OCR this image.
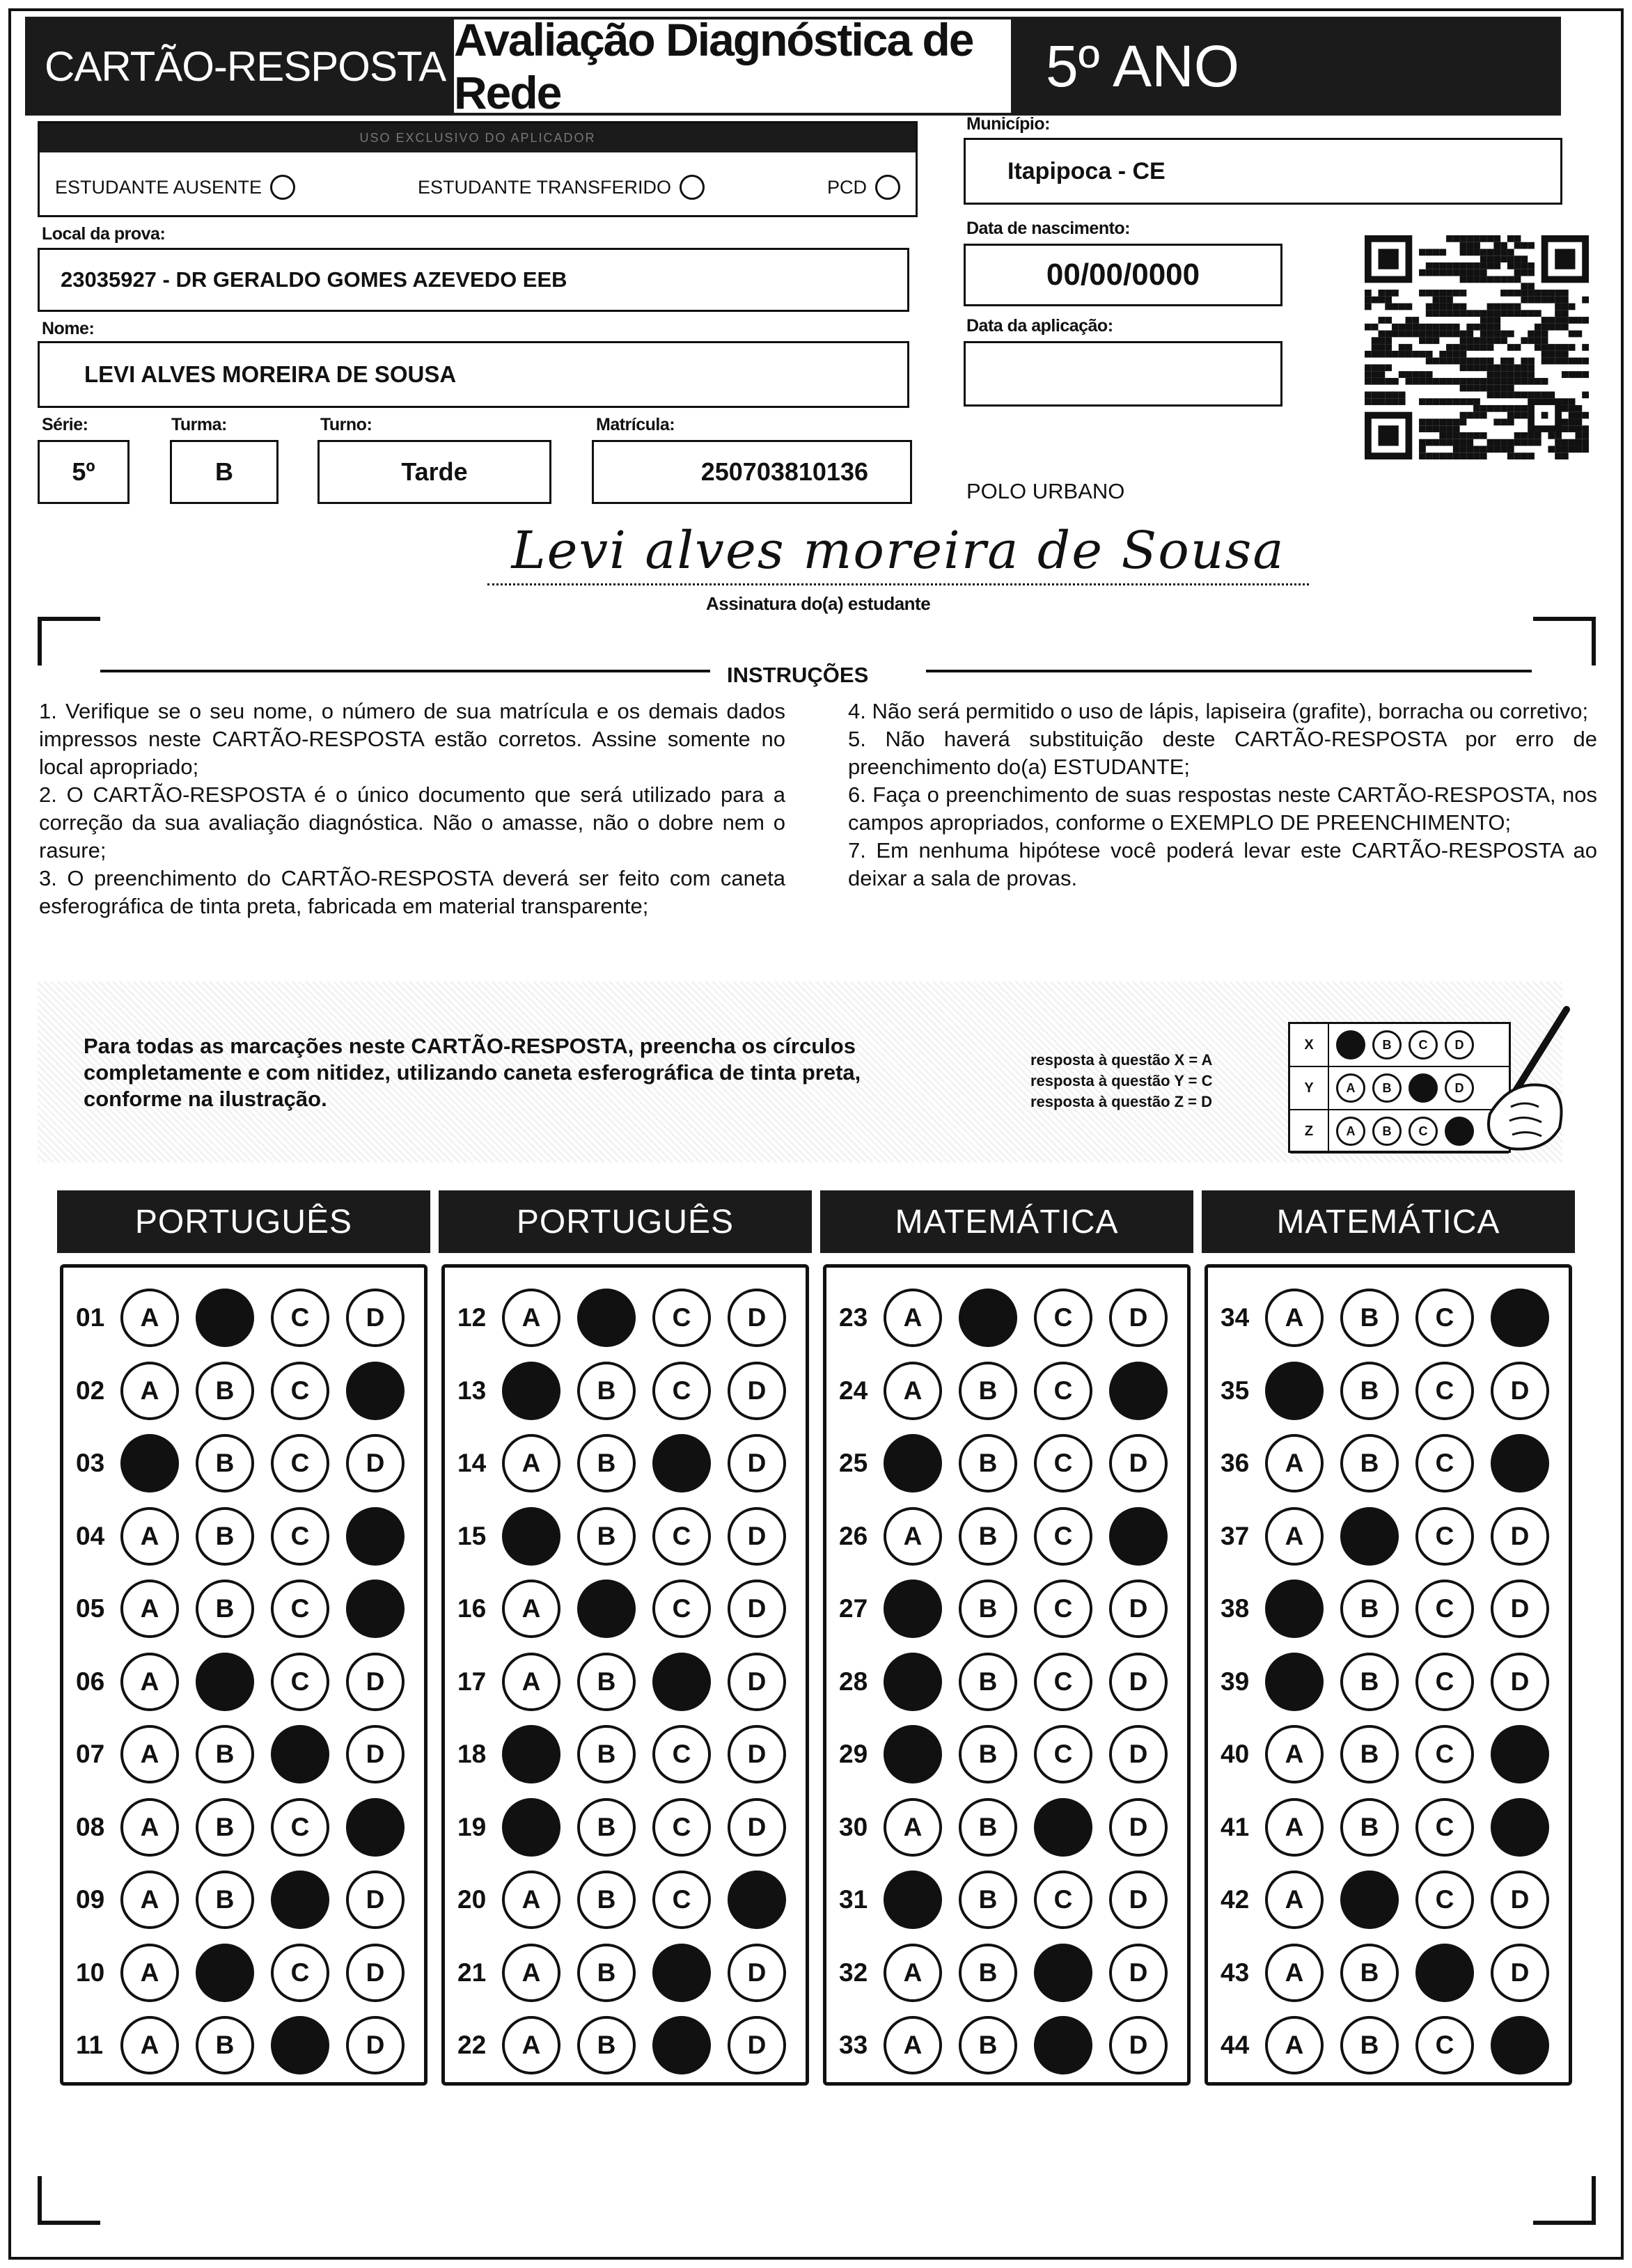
CARTÃO-RESPOSTA
Avaliação Diagnóstica de Rede	5º ANO
USO EXCLUSIVO DO APLICADOR
ESTUDANTE AUSENTE	ESTUDANTE TRANSFERIDO	PCD
Município:
Itapipoca - CE
Local da prova:
23035927 - DR GERALDO GOMES AZEVEDO EEB
Data de nascimento:
00/00/0000
Nome:
LEVI ALVES MOREIRA DE SOUSA
Data da aplicação:
Série:
5º
Turma:
B
Turno:
Tarde
Matrícula:
250703810136
POLO URBANO
Levi alves moreira de Sousa
Assinatura do(a) estudante
INSTRUÇÕES

1. Verifique se o seu nome, o número de sua matrícula e os demais dados impressos neste CARTÃO-RESPOSTA estão corretos. Assine somente no local apropriado;

2. O CARTÃO-RESPOSTA é o único documento que será utilizado para a correção da sua avaliação diagnóstica. Não o amasse, não o dobre nem o rasure;

3. O preenchimento do CARTÃO-RESPOSTA deverá ser feito com caneta esferográfica de tinta preta, fabricada em material transparente;

4. Não será permitido o uso de lápis, lapiseira (grafite), borracha ou corretivo;

5. Não haverá substituição deste CARTÃO-RESPOSTA por erro de preenchimento do(a) ESTUDANTE;

6. Faça o preenchimento de suas respostas neste CARTÃO-RESPOSTA, nos campos apropriados, conforme o EXEMPLO DE PREENCHIMENTO;

7. Em nenhuma hipótese você poderá levar este CARTÃO-RESPOSTA ao deixar a sala de provas.

Para todas as marcações neste CARTÃO-RESPOSTA, preencha os círculos completamente e com nitidez, utilizando caneta esferográfica de tinta preta, conforme na ilustração.
resposta à questão X = A
resposta à questão Y = C
resposta à questão Z = D
X	A	B	C	D
Y	A	B	C	D
Z	A	B	C	D
PORTUGUÊS
01	A	B	C	D
02	A	B	C	D
03	A	B	C	D
04	A	B	C	D
05	A	B	C	D
06	A	B	C	D
07	A	B	C	D
08	A	B	C	D
09	A	B	C	D
10	A	B	C	D
11	A	B	C	D
PORTUGUÊS
12	A	B	C	D
13	A	B	C	D
14	A	B	C	D
15	A	B	C	D
16	A	B	C	D
17	A	B	C	D
18	A	B	C	D
19	A	B	C	D
20	A	B	C	D
21	A	B	C	D
22	A	B	C	D
MATEMÁTICA
23	A	B	C	D
24	A	B	C	D
25	A	B	C	D
26	A	B	C	D
27	A	B	C	D
28	A	B	C	D
29	A	B	C	D
30	A	B	C	D
31	A	B	C	D
32	A	B	C	D
33	A	B	C	D
MATEMÁTICA
34	A	B	C	D
35	A	B	C	D
36	A	B	C	D
37	A	B	C	D
38	A	B	C	D
39	A	B	C	D
40	A	B	C	D
41	A	B	C	D
42	A	B	C	D
43	A	B	C	D
44	A	B	C	D
